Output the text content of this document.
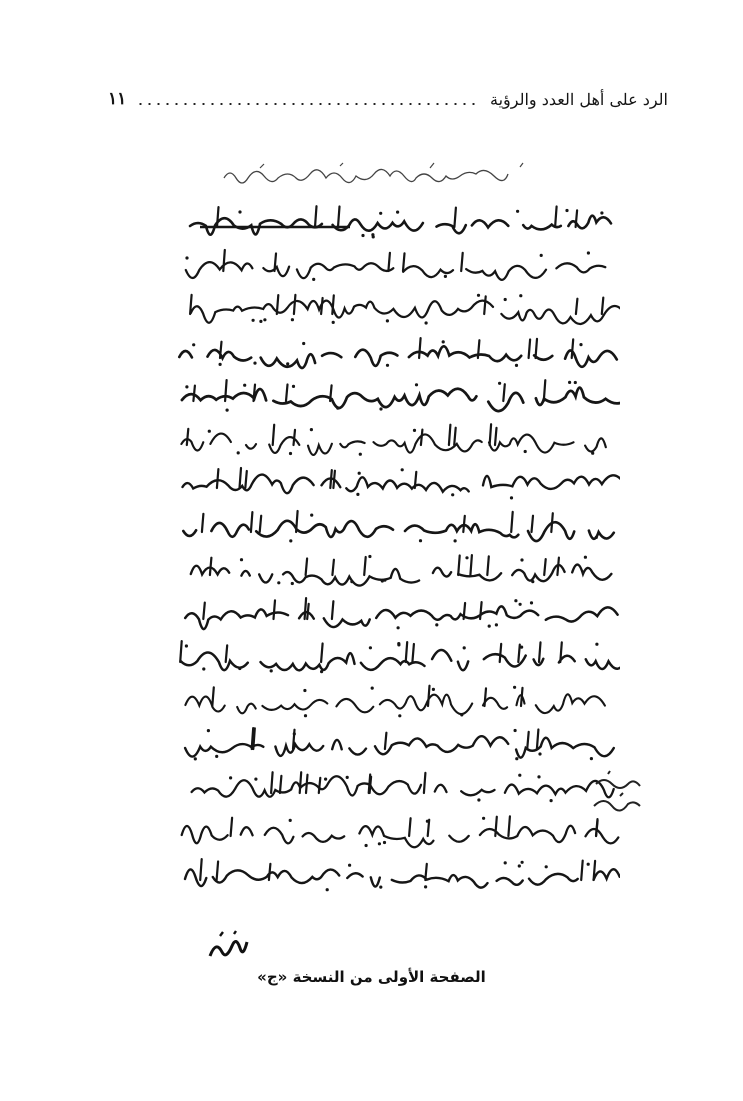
الرد على أهل العدد والرؤية
١١
الصفحة الأولى من النسخة «ج»
